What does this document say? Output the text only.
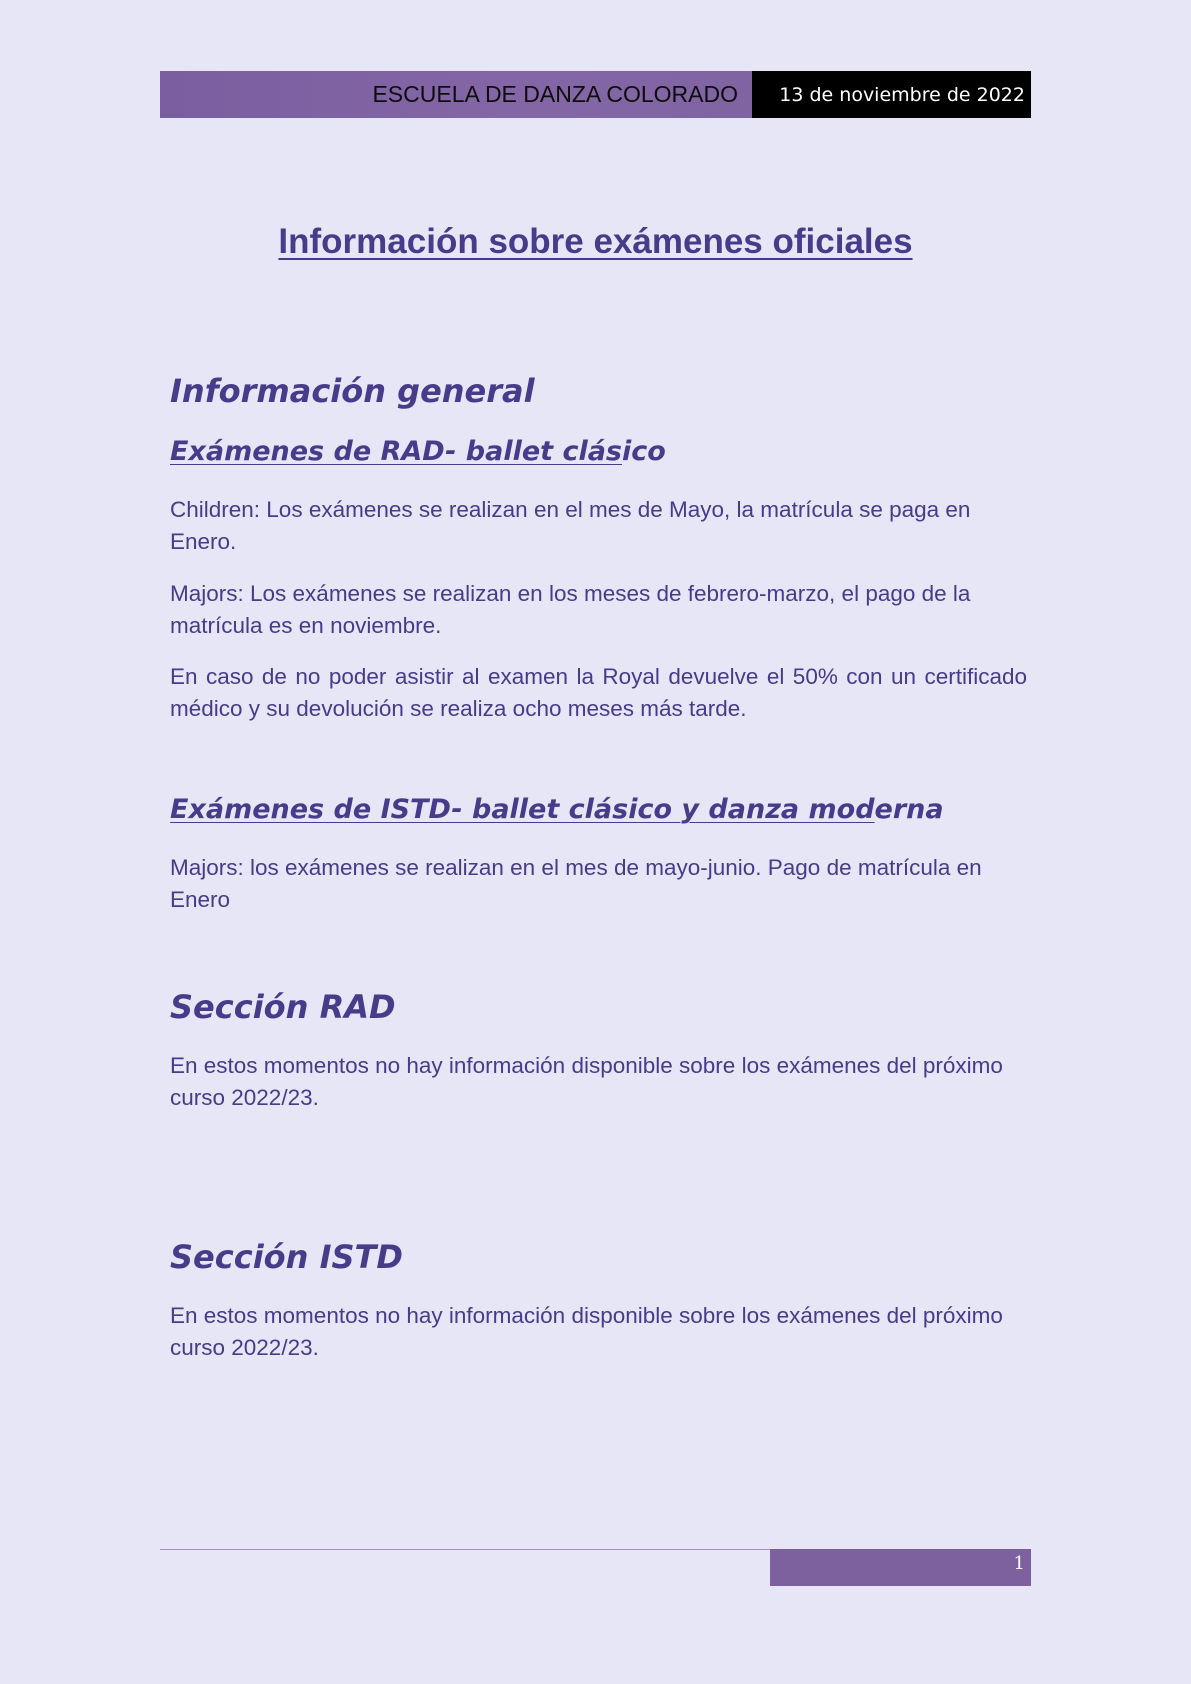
ESCUELA DE DANZA COLORADO 13 de noviembre de 2022
Información sobre exámenes oficiales
Información general
Exámenes de RAD- ballet clásico

Children: Los exámenes se realizan en el mes de Mayo, la matrícula se paga en Enero.

Majors: Los exámenes se realizan en los meses de febrero-marzo, el pago de la matrícula es en noviembre.

En caso de no poder asistir al examen la Royal devuelve el 50% con un certificado médico y su devolución se realiza ocho meses más tarde.

Exámenes de ISTD- ballet clásico y danza moderna

Majors: los exámenes se realizan en el mes de mayo-junio. Pago de matrícula en Enero

Sección RAD

En estos momentos no hay información disponible sobre los exámenes del próximo curso 2022/23.

Sección ISTD

En estos momentos no hay información disponible sobre los exámenes del próximo curso 2022/23.

1
